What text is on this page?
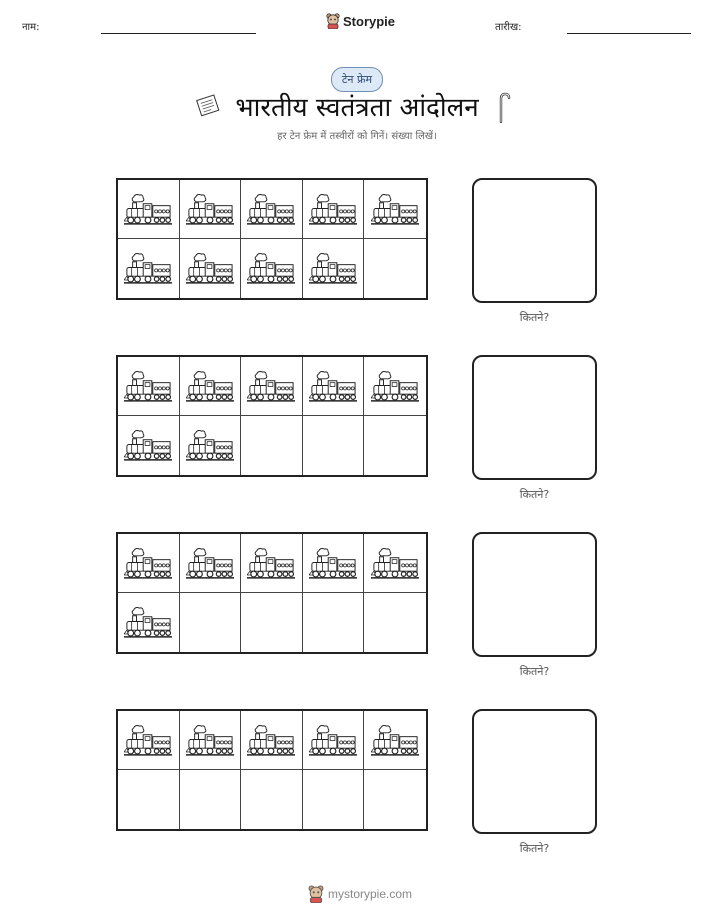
नाम:	Storypie	तारीख:
टेन फ्रेम
भारतीय स्वतंत्रता आंदोलन
हर टेन फ्रेम में तस्वीरों को गिनें। संख्या लिखें।
कितने?
कितने?
कितने?
कितने?
mystorypie.com
